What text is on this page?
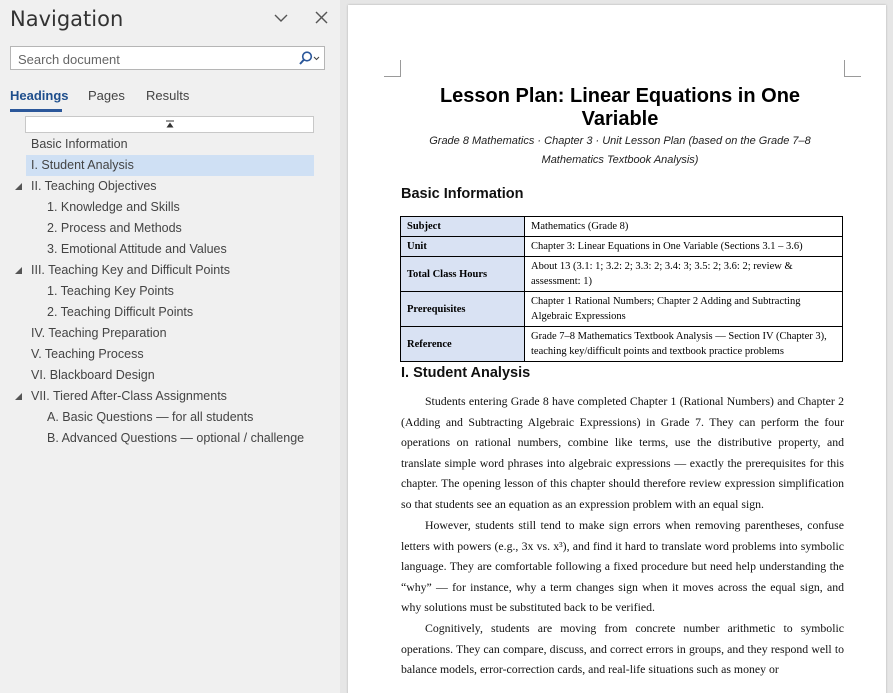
Navigation
Search document
Headings Pages Results
Basic Information
I. Student Analysis
II. Teaching Objectives
1. Knowledge and Skills
2. Process and Methods
3. Emotional Attitude and Values
III. Teaching Key and Difficult Points
1. Teaching Key Points
2. Teaching Difficult Points
IV. Teaching Preparation
V. Teaching Process
VI. Blackboard Design
VII. Tiered After-Class Assignments
A. Basic Questions — for all students
B. Advanced Questions — optional / challenge
Lesson Plan: Linear Equations in One Variable
Grade 8 Mathematics · Chapter 3 · Unit Lesson Plan (based on the Grade 7–8 Mathematics Textbook Analysis)
Basic Information
Subject	Mathematics (Grade 8)
Unit	Chapter 3: Linear Equations in One Variable (Sections 3.1 – 3.6)
Total Class Hours	About 13 (3.1: 1; 3.2: 2; 3.3: 2; 3.4: 3; 3.5: 2; 3.6: 2; review & assessment: 1)
Prerequisites	Chapter 1 Rational Numbers; Chapter 2 Adding and Subtracting Algebraic Expressions
Reference	Grade 7–8 Mathematics Textbook Analysis — Section IV (Chapter 3), teaching key/difficult points and textbook practice problems
I. Student Analysis
Students entering Grade 8 have completed Chapter 1 (Rational Numbers) and Chapter 2 (Adding and Subtracting Algebraic Expressions) in Grade 7. They can perform the four operations on rational numbers, combine like terms, use the distributive property, and translate simple word phrases into algebraic expressions — exactly the prerequisites for this chapter. The opening lesson of this chapter should therefore review expression simplification so that students see an equation as an expression problem with an equal sign.
However, students still tend to make sign errors when removing parentheses, confuse letters with powers (e.g., 3x vs. x³), and find it hard to translate word problems into symbolic language. They are comfortable following a fixed procedure but need help understanding the “why” — for instance, why a term changes sign when it moves across the equal sign, and why solutions must be substituted back to be verified.
Cognitively, students are moving from concrete number arithmetic to symbolic operations. They can compare, discuss, and correct errors in groups, and they respond well to balance models, error-correction cards, and real-life situations such as money or
